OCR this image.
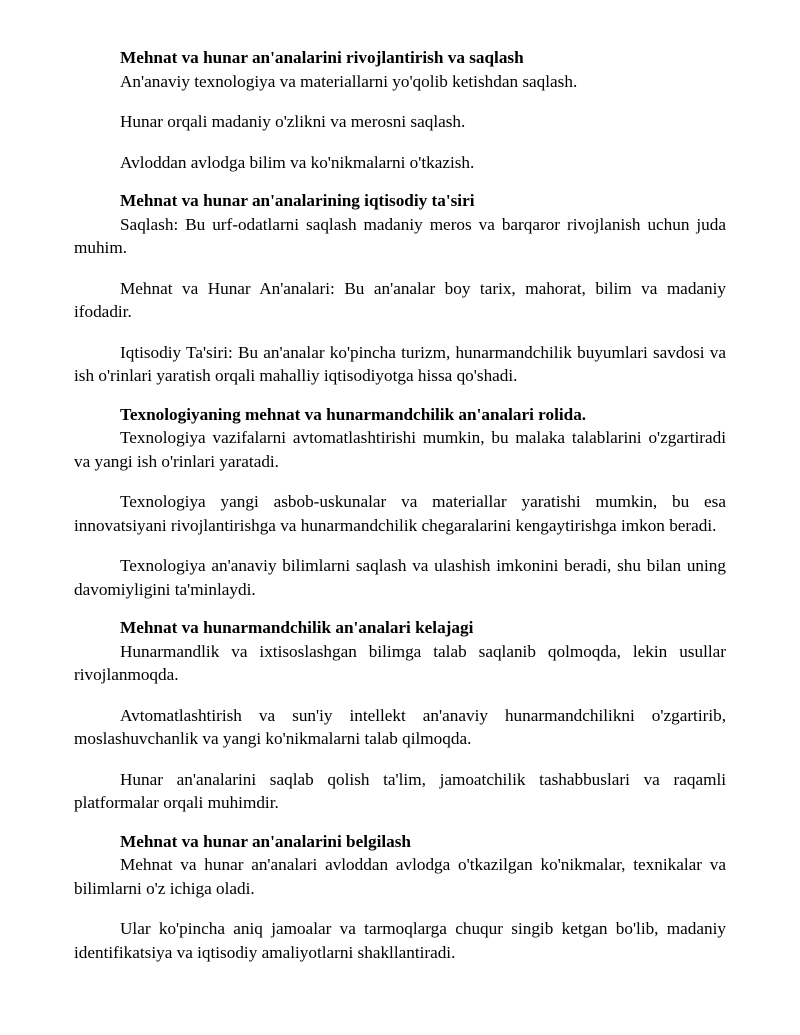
Mehnat va hunar an'analarini rivojlantirish va saqlash

An'anaviy texnologiya va materiallarni yo'qolib ketishdan saqlash.

Hunar orqali madaniy o'zlikni va merosni saqlash.

Avloddan avlodga bilim va ko'nikmalarni o'tkazish.

Mehnat va hunar an'analarining iqtisodiy ta'siri

Saqlash: Bu urf-odatlarni saqlash madaniy meros va barqaror rivojlanish uchun juda muhim.

Mehnat va Hunar An'analari: Bu an'analar boy tarix, mahorat, bilim va madaniy ifodadir.

Iqtisodiy Ta'siri: Bu an'analar ko'pincha turizm, hunarmandchilik buyumlari savdosi va ish o'rinlari yaratish orqali mahalliy iqtisodiyotga hissa qo'shadi.

Texnologiyaning mehnat va hunarmandchilik an'analari rolida.

Texnologiya vazifalarni avtomatlashtirishi mumkin, bu malaka talablarini o'zgartiradi va yangi ish o'rinlari yaratadi.

Texnologiya yangi asbob-uskunalar va materiallar yaratishi mumkin, bu esa innovatsiyani rivojlantirishga va hunarmandchilik chegaralarini kengaytirishga imkon beradi.

Texnologiya an'anaviy bilimlarni saqlash va ulashish imkonini beradi, shu bilan uning davomiyligini ta'minlaydi.

Mehnat va hunarmandchilik an'analari kelajagi

Hunarmandlik va ixtisoslashgan bilimga talab saqlanib qolmoqda, lekin usullar rivojlanmoqda.

Avtomatlashtirish va sun'iy intellekt an'anaviy hunarmandchilikni o'zgartirib, moslashuvchanlik va yangi ko'nikmalarni talab qilmoqda.

Hunar an'analarini saqlab qolish ta'lim, jamoatchilik tashabbuslari va raqamli platformalar orqali muhimdir.

Mehnat va hunar an'analarini belgilash

Mehnat va hunar an'analari avloddan avlodga o'tkazilgan ko'nikmalar, texnikalar va bilimlarni o'z ichiga oladi.

Ular ko'pincha aniq jamoalar va tarmoqlarga chuqur singib ketgan bo'lib, madaniy identifikatsiya va iqtisodiy amaliyotlarni shakllantiradi.
